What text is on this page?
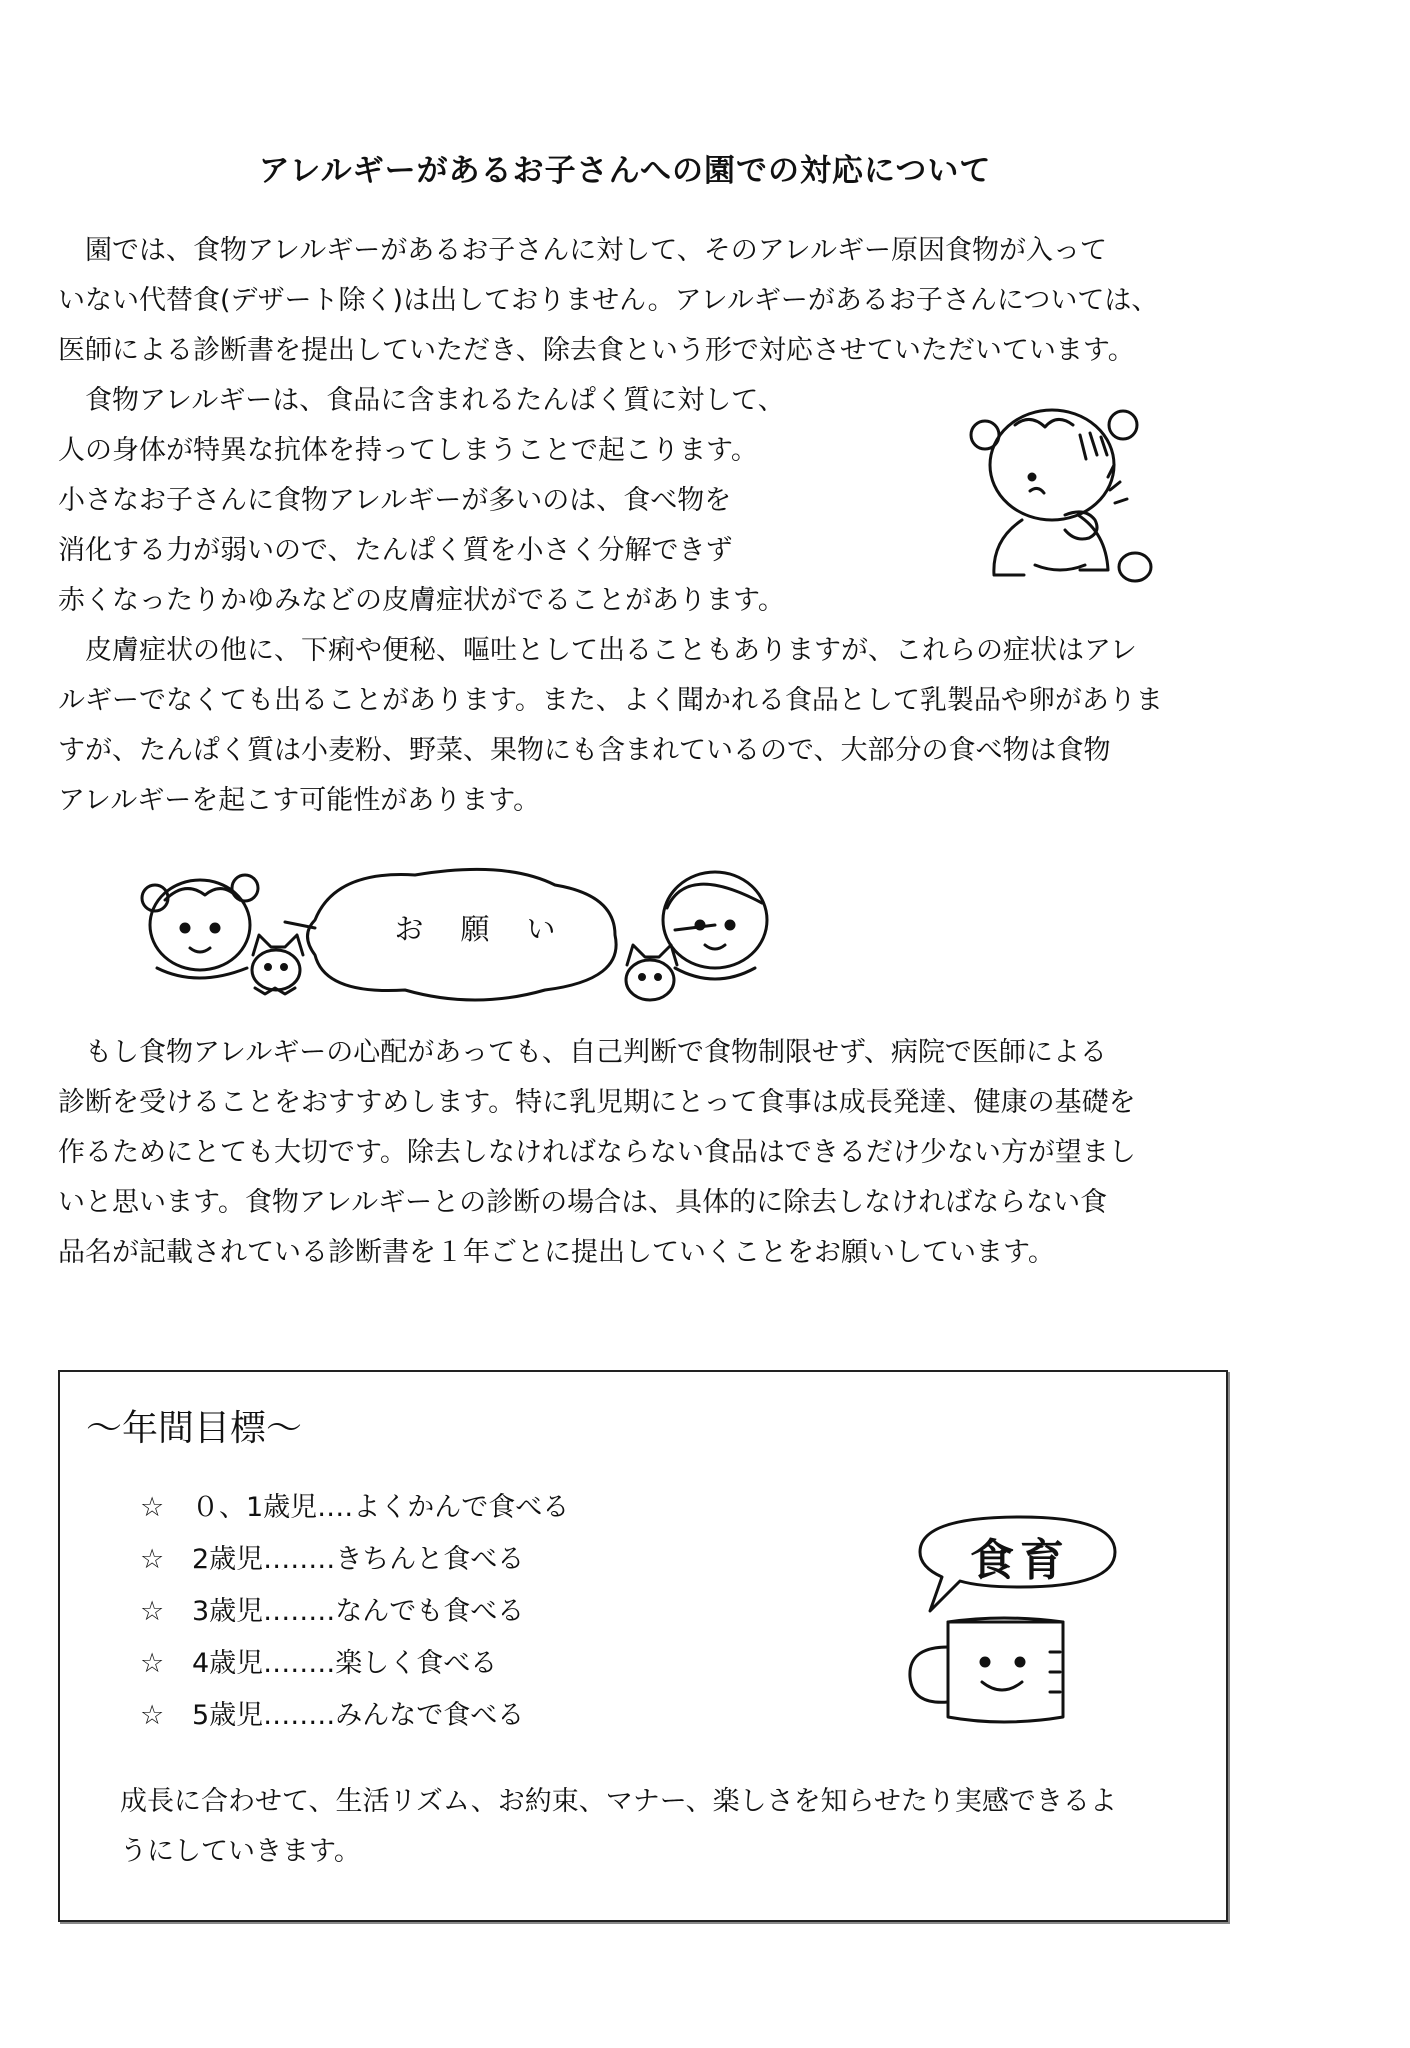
アレルギーがあるお子さんへの園での対応について
　園では、食物アレルギーがあるお子さんに対して、そのアレルギー原因食物が入って
いない代替食(デザート除く)は出しておりません。アレルギーがあるお子さんについては、
医師による診断書を提出していただき、除去食という形で対応させていただいています。
　食物アレルギーは、食品に含まれるたんぱく質に対して、
人の身体が特異な抗体を持ってしまうことで起こります。
小さなお子さんに食物アレルギーが多いのは、食べ物を
消化する力が弱いので、たんぱく質を小さく分解できず
赤くなったりかゆみなどの皮膚症状がでることがあります。
　皮膚症状の他に、下痢や便秘、嘔吐として出ることもありますが、これらの症状はアレ
ルギーでなくても出ることがあります。また、よく聞かれる食品として乳製品や卵がありま
すが、たんぱく質は小麦粉、野菜、果物にも含まれているので、大部分の食べ物は食物
アレルギーを起こす可能性があります。
お　願　い
　もし食物アレルギーの心配があっても、自己判断で食物制限せず、病院で医師による
診断を受けることをおすすめします。特に乳児期にとって食事は成長発達、健康の基礎を
作るためにとても大切です。除去しなければならない食品はできるだけ少ない方が望まし
いと思います。食物アレルギーとの診断の場合は、具体的に除去しなければならない食
品名が記載されている診断書を１年ごとに提出していくことをお願いしています。
～年間目標～
☆ ０、1歳児‥‥よくかんで食べる
☆ 2歳児‥‥‥‥きちんと食べる
☆ 3歳児‥‥‥‥なんでも食べる
☆ 4歳児‥‥‥‥楽しく食べる
☆ 5歳児‥‥‥‥みんなで食べる
食育
成長に合わせて、生活リズム、お約束、マナー、楽しさを知らせたり実感できるよ
うにしていきます。
